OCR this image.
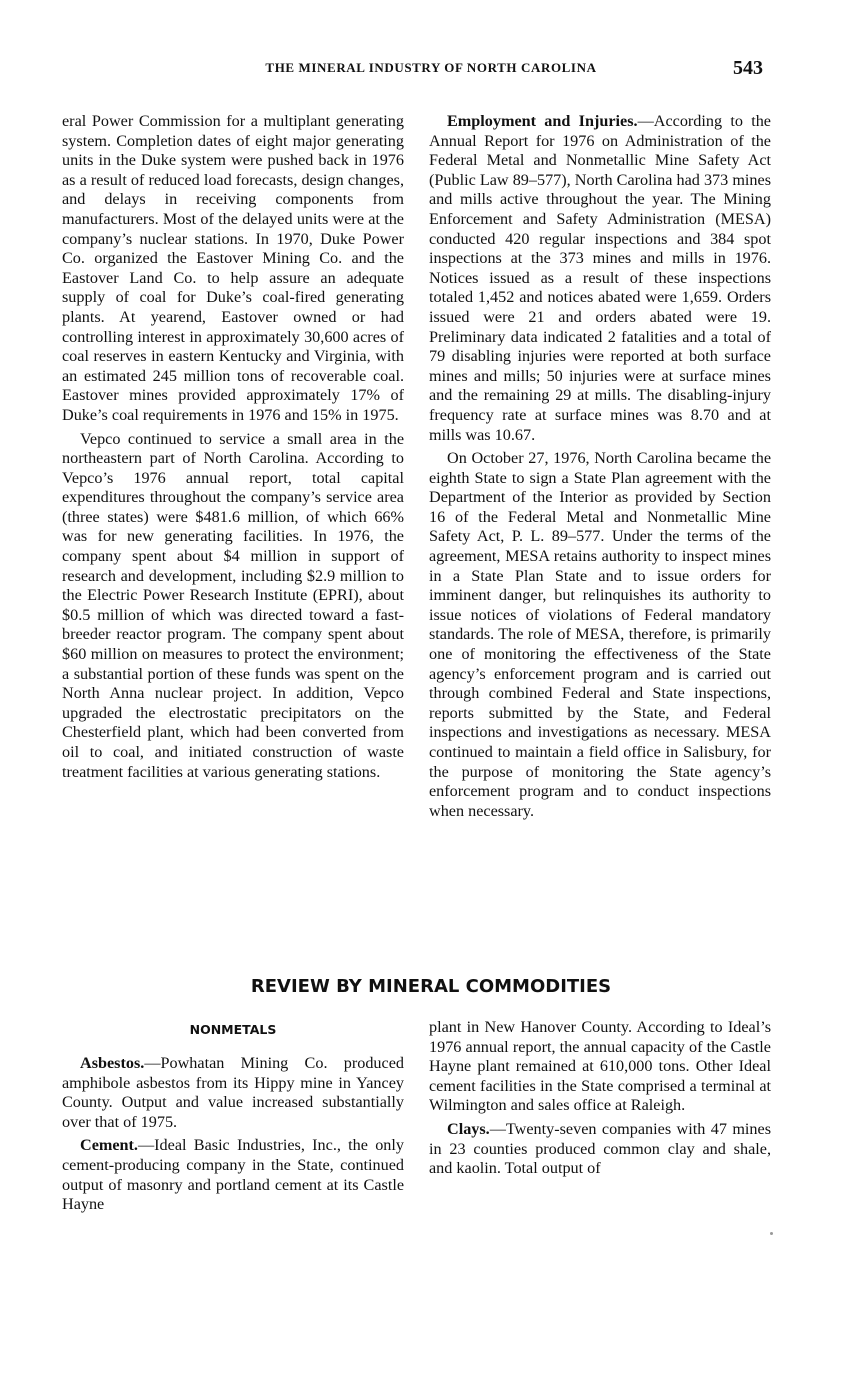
THE MINERAL INDUSTRY OF NORTH CAROLINA	543

eral Power Commission for a multiplant generating system. Completion dates of eight major generating units in the Duke system were pushed back in 1976 as a result of reduced load forecasts, design changes, and delays in receiving components from manufacturers. Most of the delayed units were at the company’s nuclear stations. In 1970, Duke Power Co. organized the Eastover Mining Co. and the Eastover Land Co. to help assure an adequate supply of coal for Duke’s coal-fired generating plants. At yearend, Eastover owned or had controlling interest in approximately 30,600 acres of coal reserves in eastern Kentucky and Virginia, with an estimated 245 million tons of recoverable coal. Eastover mines provided approximately 17% of Duke’s coal requirements in 1976 and 15% in 1975.

Vepco continued to service a small area in the northeastern part of North Carolina. According to Vepco’s 1976 annual report, total capital expenditures throughout the company’s service area (three states) were $481.6 million, of which 66% was for new generating facilities. In 1976, the company spent about $4 million in support of research and development, including $2.9 million to the Electric Power Research Institute (EPRI), about $0.5 million of which was directed toward a fast-breeder reactor program. The company spent about $60 million on measures to protect the environment; a substantial portion of these funds was spent on the North Anna nuclear project. In addition, Vepco upgraded the electrostatic precipitators on the Chesterfield plant, which had been converted from oil to coal, and initiated construction of waste treatment facilities at various generating stations.

Employment and Injuries.—According to the Annual Report for 1976 on Administration of the Federal Metal and Nonmetallic Mine Safety Act (Public Law 89–577), North Carolina had 373 mines and mills active throughout the year. The Mining Enforcement and Safety Administration (MESA) conducted 420 regular inspections and 384 spot inspections at the 373 mines and mills in 1976. Notices issued as a result of these inspections totaled 1,452 and notices abated were 1,659. Orders issued were 21 and orders abated were 19. Preliminary data indicated 2 fatalities and a total of 79 disabling injuries were reported at both surface mines and mills; 50 injuries were at surface mines and the remaining 29 at mills. The disabling-injury frequency rate at surface mines was 8.70 and at mills was 10.67.

On October 27, 1976, North Carolina became the eighth State to sign a State Plan agreement with the Department of the Interior as provided by Section 16 of the Federal Metal and Nonmetallic Mine Safety Act, P. L. 89–577. Under the terms of the agreement, MESA retains authority to inspect mines in a State Plan State and to issue orders for imminent danger, but relinquishes its authority to issue notices of violations of Federal mandatory standards. The role of MESA, therefore, is primarily one of monitoring the effectiveness of the State agency’s enforcement program and is carried out through combined Federal and State inspections, reports submitted by the State, and Federal inspections and investigations as necessary. MESA continued to maintain a field office in Salisbury, for the purpose of monitoring the State agency’s enforcement program and to conduct inspections when necessary.

REVIEW BY MINERAL COMMODITIES
NONMETALS

Asbestos.—Powhatan Mining Co. produced amphibole asbestos from its Hippy mine in Yancey County. Output and value increased substantially over that of 1975.

Cement.—Ideal Basic Industries, Inc., the only cement-producing company in the State, continued output of masonry and portland cement at its Castle Hayne

plant in New Hanover County. According to Ideal’s 1976 annual report, the annual capacity of the Castle Hayne plant remained at 610,000 tons. Other Ideal cement facilities in the State comprised a terminal at Wilmington and sales office at Raleigh.

Clays.—Twenty-seven companies with 47 mines in 23 counties produced common clay and shale, and kaolin. Total output of
